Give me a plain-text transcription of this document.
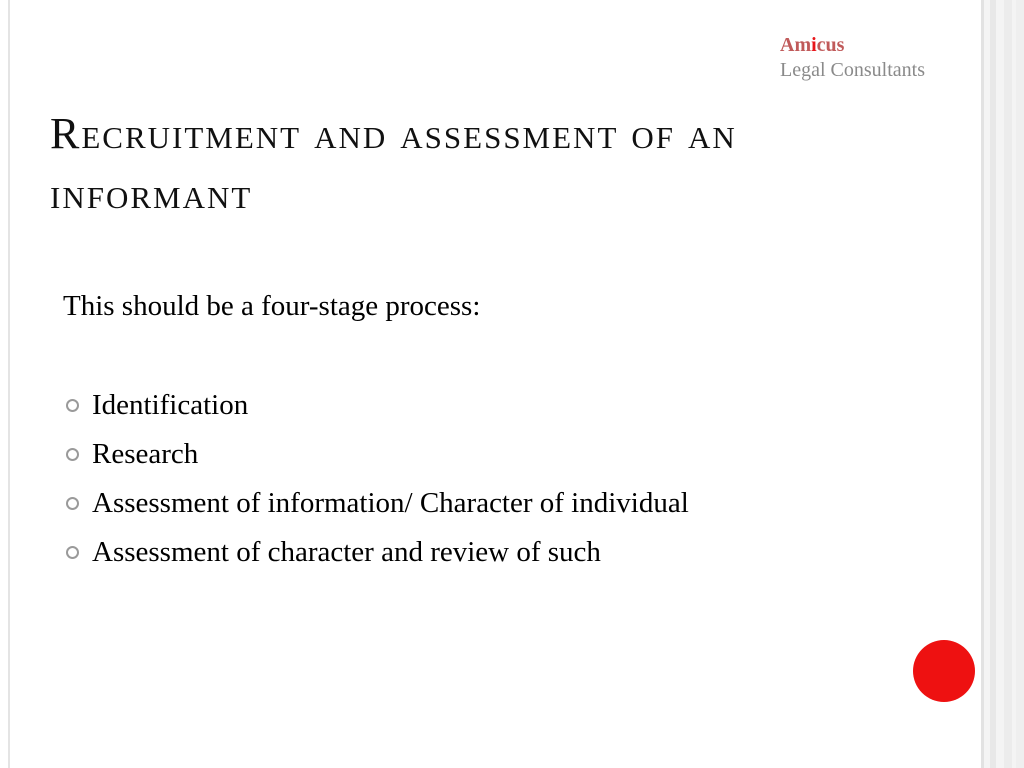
Amicus
Legal Consultants
Recruitment and assessment of an informant
This should be a four-stage process:
Identification
Research
Assessment of information/ Character of individual
Assessment of character and review of such
